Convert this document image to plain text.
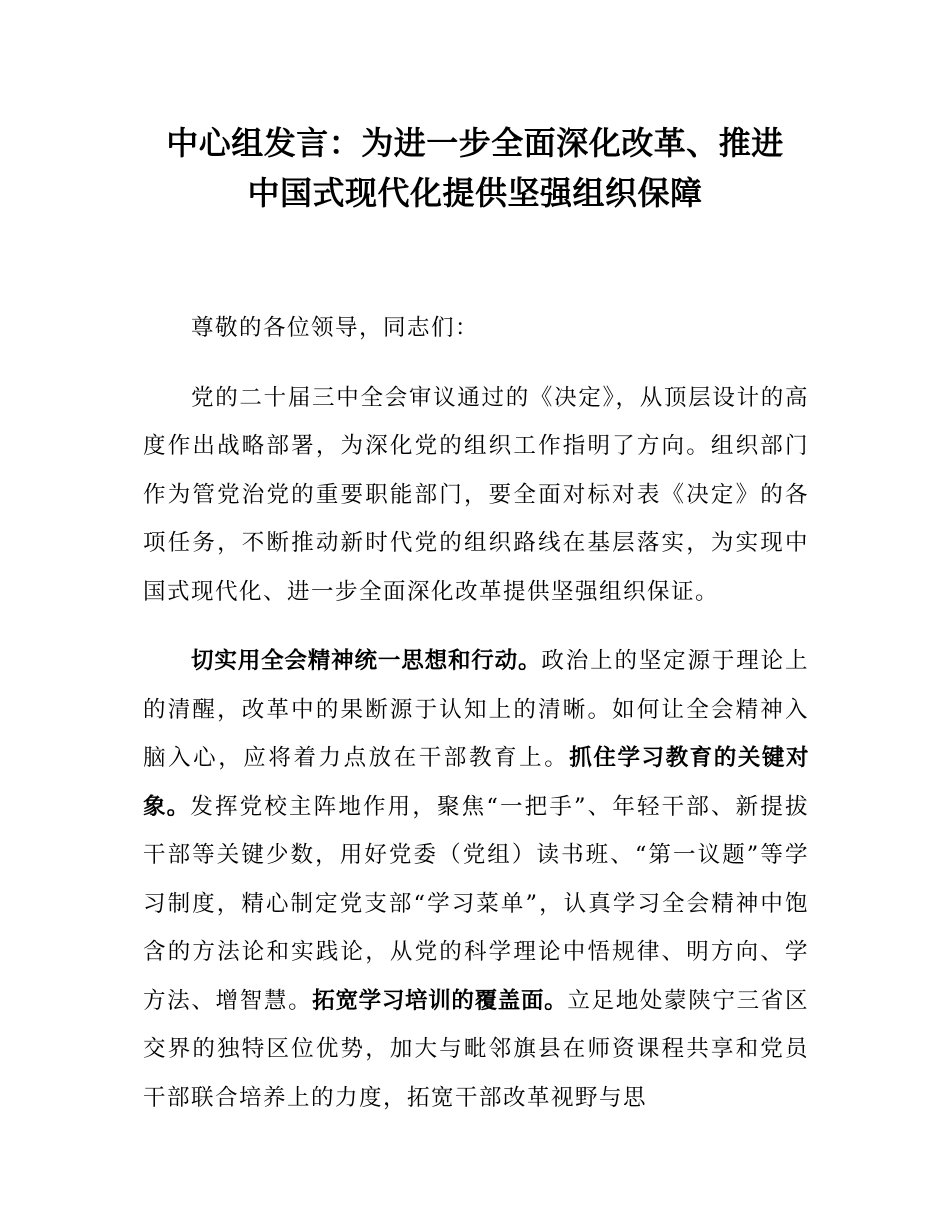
中心组发言：为进一步全面深化改革、推进
中国式现代化提供坚强组织保障

尊敬的各位领导，同志们：

党的二十届三中全会审议通过的《决定》，从顶层设计的高度作出战略部署，为深化党的组织工作指明了方向。组织部门作为管党治党的重要职能部门，要全面对标对表《决定》的各项任务，不断推动新时代党的组织路线在基层落实，为实现中国式现代化、进一步全面深化改革提供坚强组织保证。

切实用全会精神统一思想和行动。政治上的坚定源于理论上的清醒，改革中的果断源于认知上的清晰。如何让全会精神入脑入心，应将着力点放在干部教育上。抓住学习教育的关键对象。发挥党校主阵地作用，聚焦“一把手”、年轻干部、新提拔干部等关键少数，用好党委（党组）读书班、“第一议题”等学习制度，精心制定党支部“学习菜单”，认真学习全会精神中饱含的方法论和实践论，从党的科学理论中悟规律、明方向、学方法、增智慧。拓宽学习培训的覆盖面。立足地处蒙陕宁三省区交界的独特区位优势，加大与毗邻旗县在师资课程共享和党员干部联合培养上的力度，拓宽干部改革视野与思
